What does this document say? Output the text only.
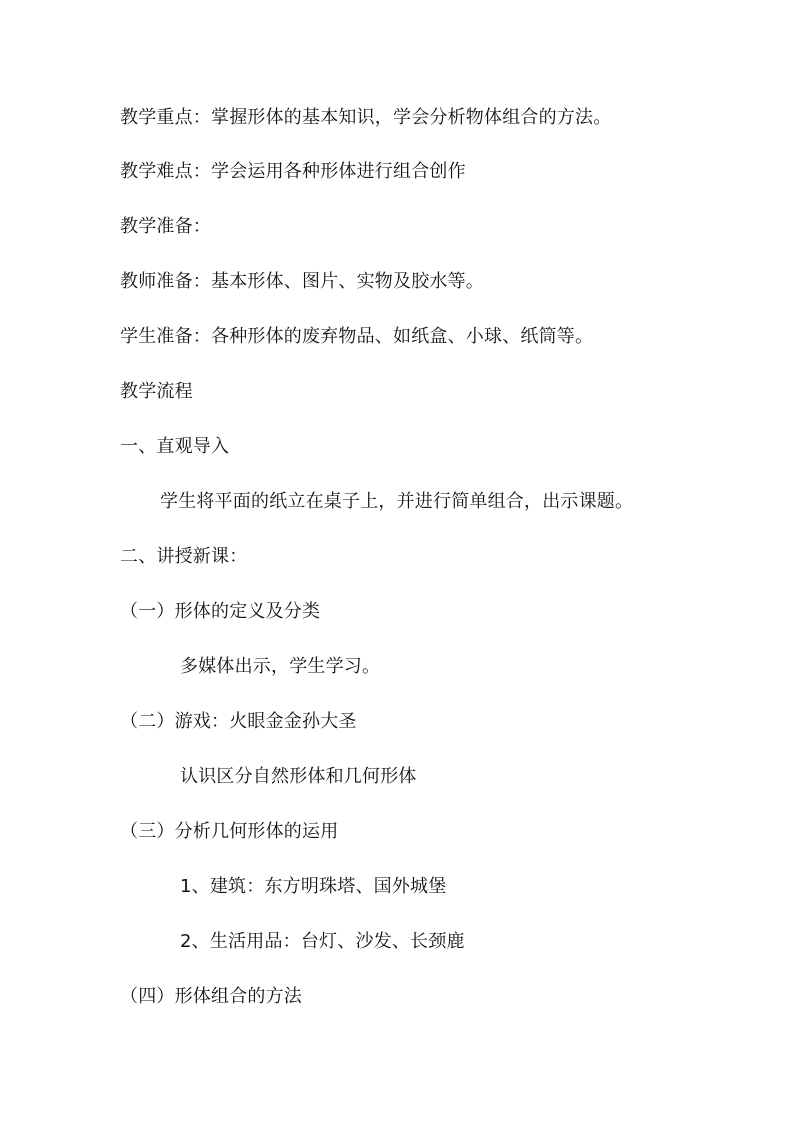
教学重点：掌握形体的基本知识，学会分析物体组合的方法。
教学难点：学会运用各种形体进行组合创作
教学准备：
教师准备：基本形体、图片、实物及胶水等。
学生准备：各种形体的废弃物品、如纸盒、小球、纸筒等。
教学流程
一、直观导入
学生将平面的纸立在桌子上，并进行简单组合，出示课题。
二、讲授新课：
（一）形体的定义及分类
多媒体出示，学生学习。
（二）游戏：火眼金金孙大圣
认识区分自然形体和几何形体
（三）分析几何形体的运用
1、建筑：东方明珠塔、国外城堡
2、生活用品：台灯、沙发、长颈鹿
（四）形体组合的方法
